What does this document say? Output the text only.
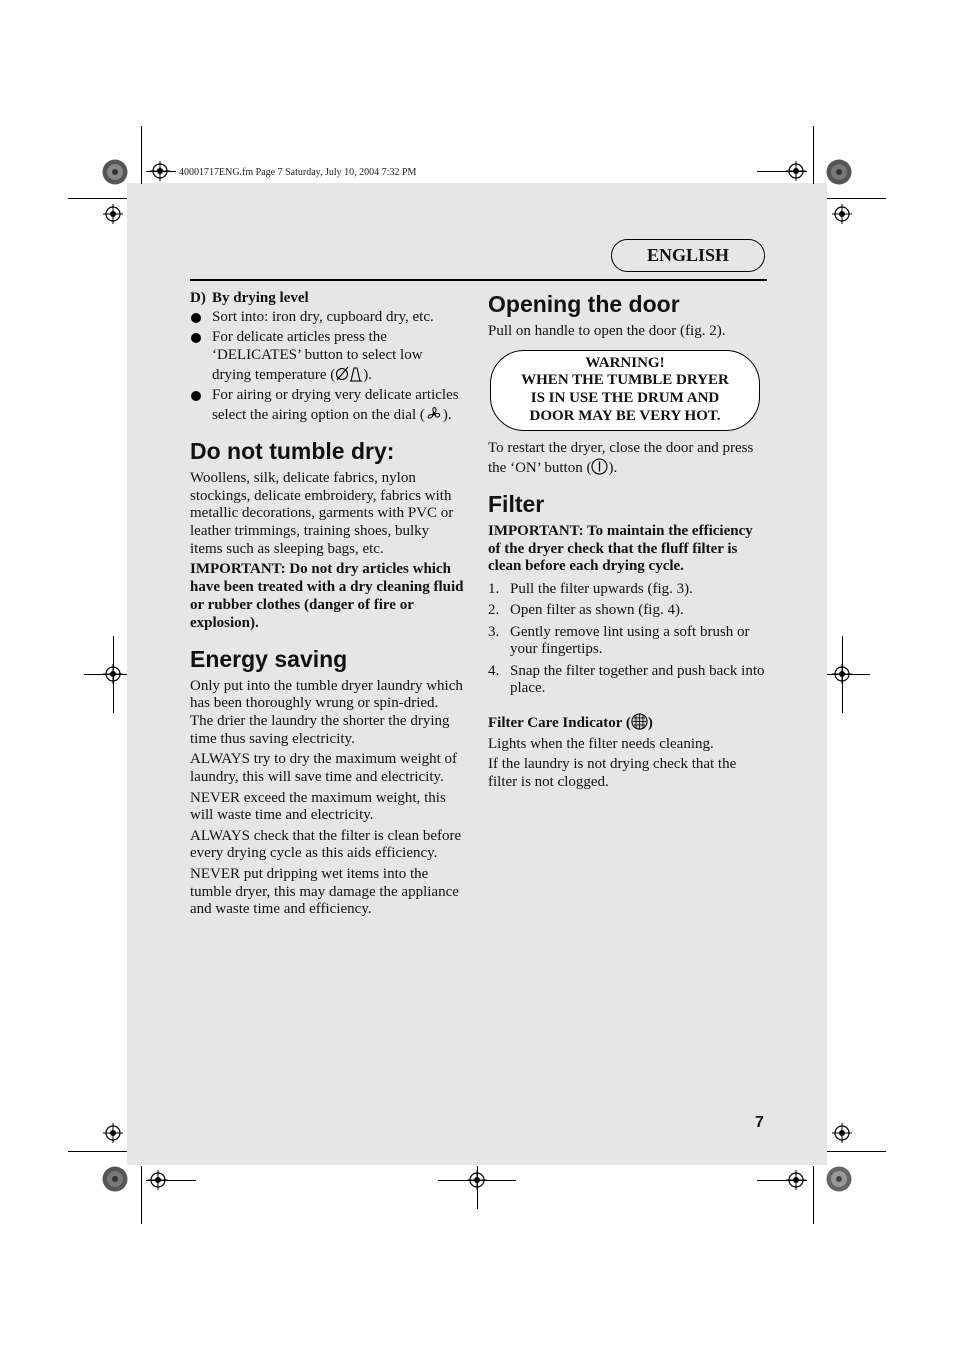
40001717ENG.fm Page 7 Saturday, July 10, 2004 7:32 PM
ENGLISH

D) By drying level

Sort into: iron dry, cupboard dry, etc.
For delicate articles press the ‘DELICATES’ button to select low drying temperature ( ).
For airing or drying very delicate articles select the airing option on the dial ( ).
Do not tumble dry:

Woollens, silk, delicate fabrics, nylon stockings, delicate embroidery, fabrics with metallic decorations, garments with PVC or leather trimmings, training shoes, bulky items such as sleeping bags, etc.

IMPORTANT: Do not dry articles which have been treated with a dry cleaning fluid or rubber clothes (danger of fire or explosion).

Energy saving

Only put into the tumble dryer laundry which has been thoroughly wrung or spin-dried. The drier the laundry the shorter the drying time thus saving electricity.

ALWAYS try to dry the maximum weight of laundry, this will save time and electricity.

NEVER exceed the maximum weight, this will waste time and electricity.

ALWAYS check that the filter is clean before every drying cycle as this aids efficiency.

NEVER put dripping wet items into the tumble dryer, this may damage the appliance and waste time and efficiency.

Opening the door

Pull on handle to open the door (fig. 2).

WARNING!
WHEN THE TUMBLE DRYER
IS IN USE THE DRUM AND
DOOR MAY BE VERY HOT.

To restart the dryer, close the door and press the ‘ON’ button ( ).

Filter

IMPORTANT: To maintain the efficiency of the dryer check that the fluff filter is clean before each drying cycle.

1. Pull the filter upwards (fig. 3).
2. Open filter as shown (fig. 4).
3. Gently remove lint using a soft brush or your fingertips.
4. Snap the filter together and push back into place.

Filter Care Indicator ( )

Lights when the filter needs cleaning.

If the laundry is not drying check that the filter is not clogged.

7
